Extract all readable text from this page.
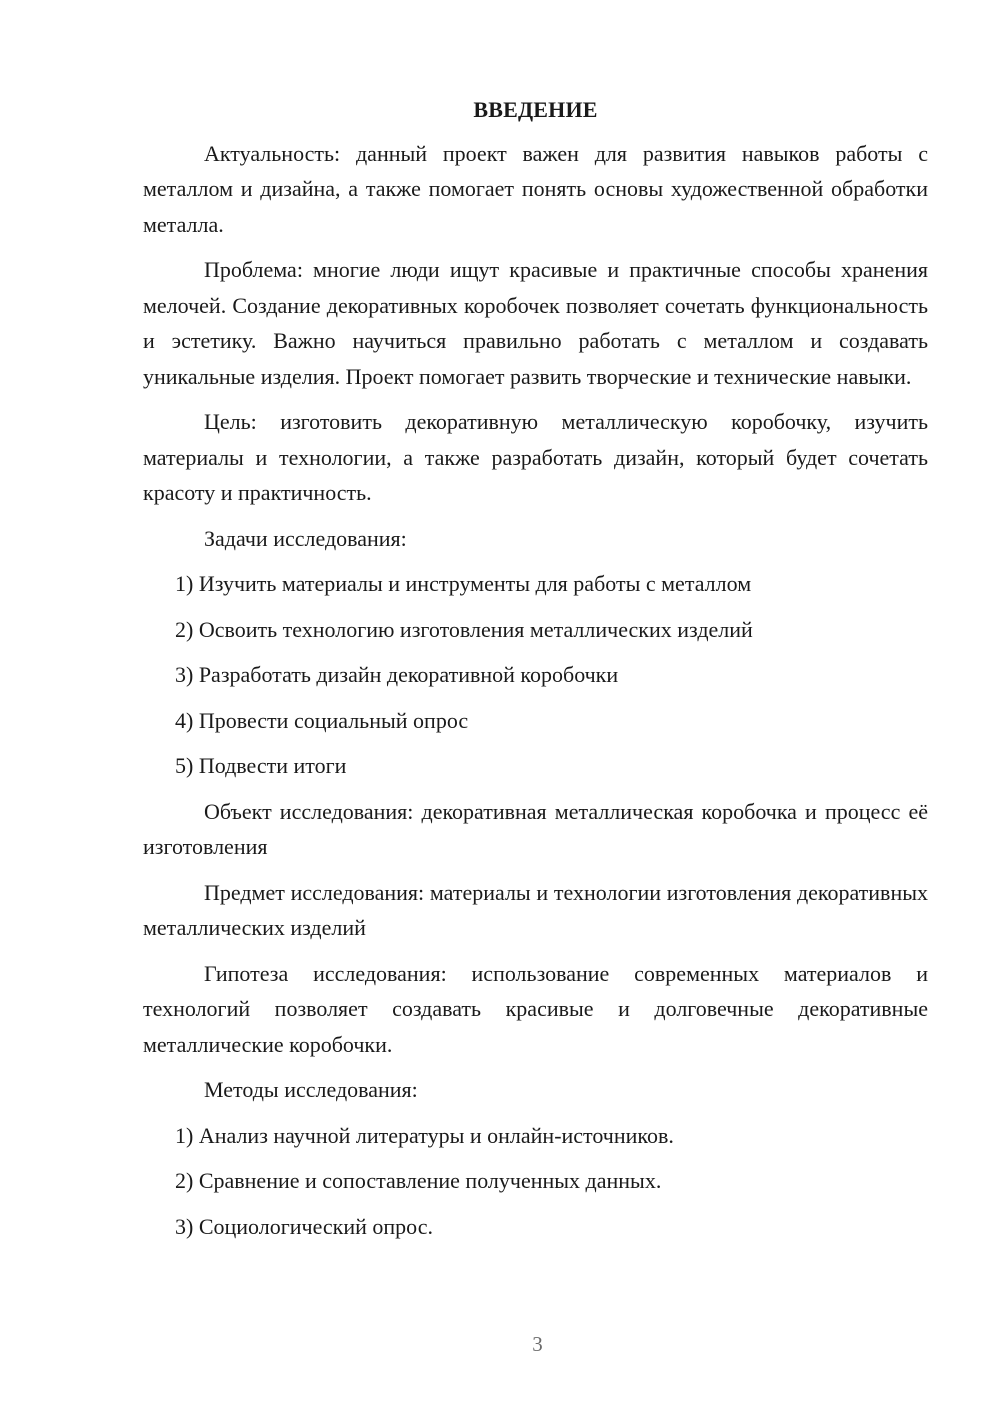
ВВЕДЕНИЕ
Актуальность: данный проект важен для развития навыков работы с металлом и дизайна, а также помогает понять основы художественной обработки металла.
Проблема: многие люди ищут красивые и практичные способы хранения мелочей. Создание декоративных коробочек позволяет сочетать функциональность и эстетику. Важно научиться правильно работать с металлом и создавать уникальные изделия. Проект помогает развить творческие и технические навыки.
Цель: изготовить декоративную металлическую коробочку, изучить материалы и технологии, а также разработать дизайн, который будет сочетать красоту и практичность.
Задачи исследования:
1) Изучить материалы и инструменты для работы с металлом
2) Освоить технологию изготовления металлических изделий
3) Разработать дизайн декоративной коробочки
4) Провести социальный опрос
5) Подвести итоги
Объект исследования: декоративная металлическая коробочка и процесс её изготовления
Предмет исследования: материалы и технологии изготовления декоративных металлических изделий
Гипотеза исследования: использование современных материалов и технологий позволяет создавать красивые и долговечные декоративные металлические коробочки.
Методы исследования:
1) Анализ научной литературы и онлайн-источников.
2) Сравнение и сопоставление полученных данных.
3) Социологический опрос.
3
